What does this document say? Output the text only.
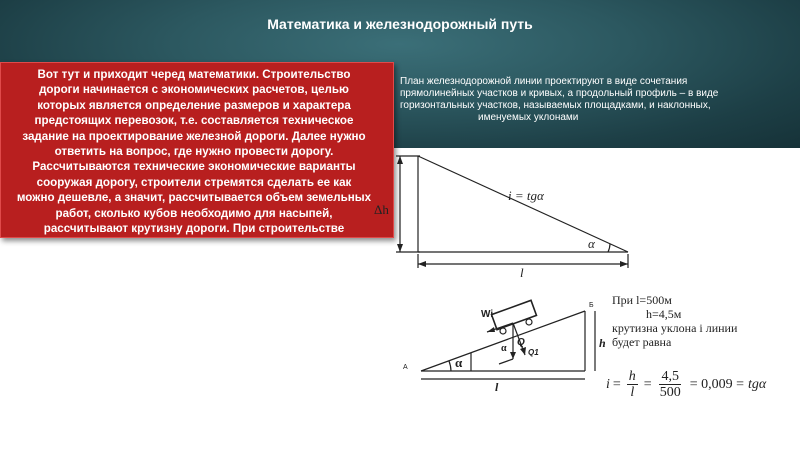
Математика и железнодорожный путь
Вот тут и приходит черед математики. Строительство
дороги начинается с экономических расчетов, целью
которых является определение размеров и характера
предстоящих перевозок, т.е. составляется техническое
задание на проектирование железной дороги. Далее нужно
ответить на вопрос, где нужно провести дорогу.
Рассчитываются технические экономические варианты
сооружая дорогу, строители стремятся сделать ее как
можно дешевле, а значит, рассчитывается объем земельных
работ, сколько кубов необходимо для насыпей,
рассчитывают крутизну дороги. При строительстве
План железнодорожной линии проектируют в виде сочетания
прямолинейных участков и кривых, а продольный профиль – в виде
горизонтальных участков, называемых площадками, и наклонных,
именуемых уклонами
Δh
i = tgα
α
l
А
Б
Wi
Q
Q1
α
α	h
l
При l=500м
h=4,5м
крутизна уклона i линии
будет равна
$i = \frac{h}{l} = \frac{4,5}{500} = 0,009 = tg\alpha$
